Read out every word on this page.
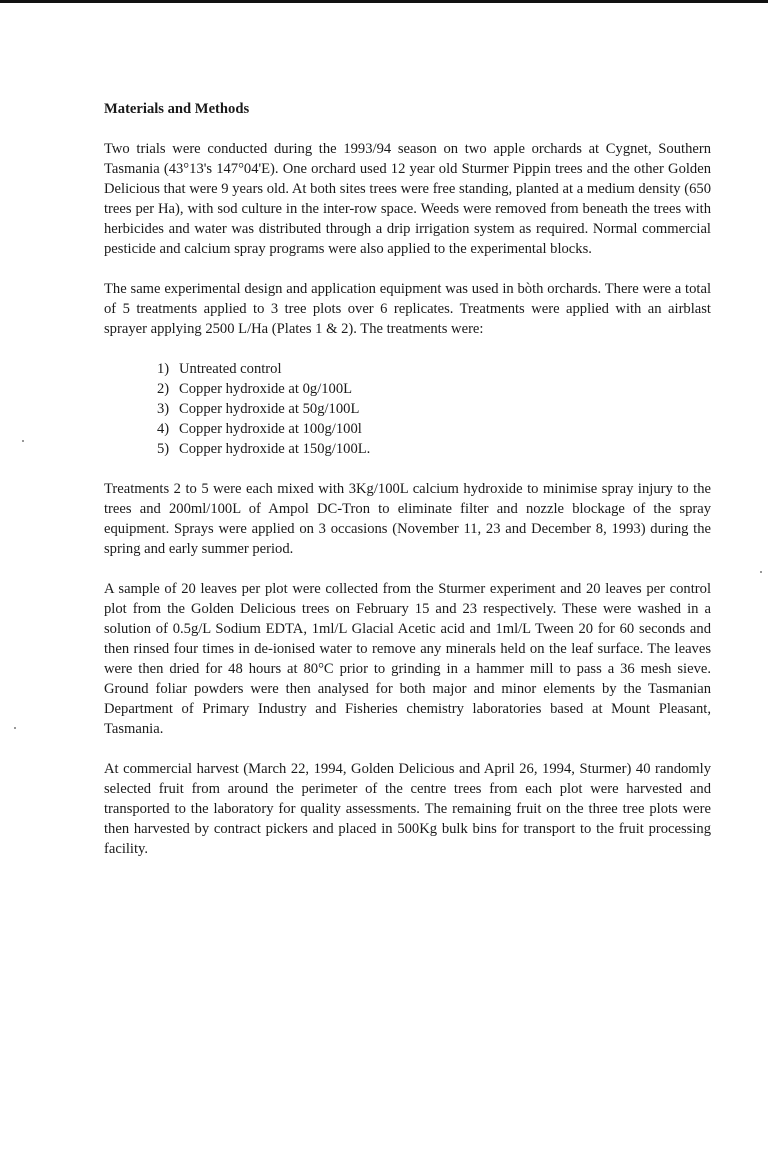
Materials and Methods

Two trials were conducted during the 1993/94 season on two apple orchards at Cygnet, Southern Tasmania (43°13's 147°04'E). One orchard used 12 year old Sturmer Pippin trees and the other Golden Delicious that were 9 years old. At both sites trees were free standing, planted at a medium density (650 trees per Ha), with sod culture in the inter-row space. Weeds were removed from beneath the trees with herbicides and water was distributed through a drip irrigation system as required. Normal commercial pesticide and calcium spray programs were also applied to the experimental blocks.

The same experimental design and application equipment was used in bòth orchards. There were a total of 5 treatments applied to 3 tree plots over 6 replicates. Treatments were applied with an airblast sprayer applying 2500 L/Ha (Plates 1 & 2). The treatments were:

1) Untreated control
2) Copper hydroxide at 0g/100L
3) Copper hydroxide at 50g/100L
4) Copper hydroxide at 100g/100l
5) Copper hydroxide at 150g/100L.

Treatments 2 to 5 were each mixed with 3Kg/100L calcium hydroxide to minimise spray injury to the trees and 200ml/100L of Ampol DC-Tron to eliminate filter and nozzle blockage of the spray equipment. Sprays were applied on 3 occasions (November 11, 23 and December 8, 1993) during the spring and early summer period.

A sample of 20 leaves per plot were collected from the Sturmer experiment and 20 leaves per control plot from the Golden Delicious trees on February 15 and 23 respectively. These were washed in a solution of 0.5g/L Sodium EDTA, 1ml/L Glacial Acetic acid and 1ml/L Tween 20 for 60 seconds and then rinsed four times in de-ionised water to remove any minerals held on the leaf surface. The leaves were then dried for 48 hours at 80°C prior to grinding in a hammer mill to pass a 36 mesh sieve. Ground foliar powders were then analysed for both major and minor elements by the Tasmanian Department of Primary Industry and Fisheries chemistry laboratories based at Mount Pleasant, Tasmania.

At commercial harvest (March 22, 1994, Golden Delicious and April 26, 1994, Sturmer) 40 randomly selected fruit from around the perimeter of the centre trees from each plot were harvested and transported to the laboratory for quality assessments. The remaining fruit on the three tree plots were then harvested by contract pickers and placed in 500Kg bulk bins for transport to the fruit processing facility.
